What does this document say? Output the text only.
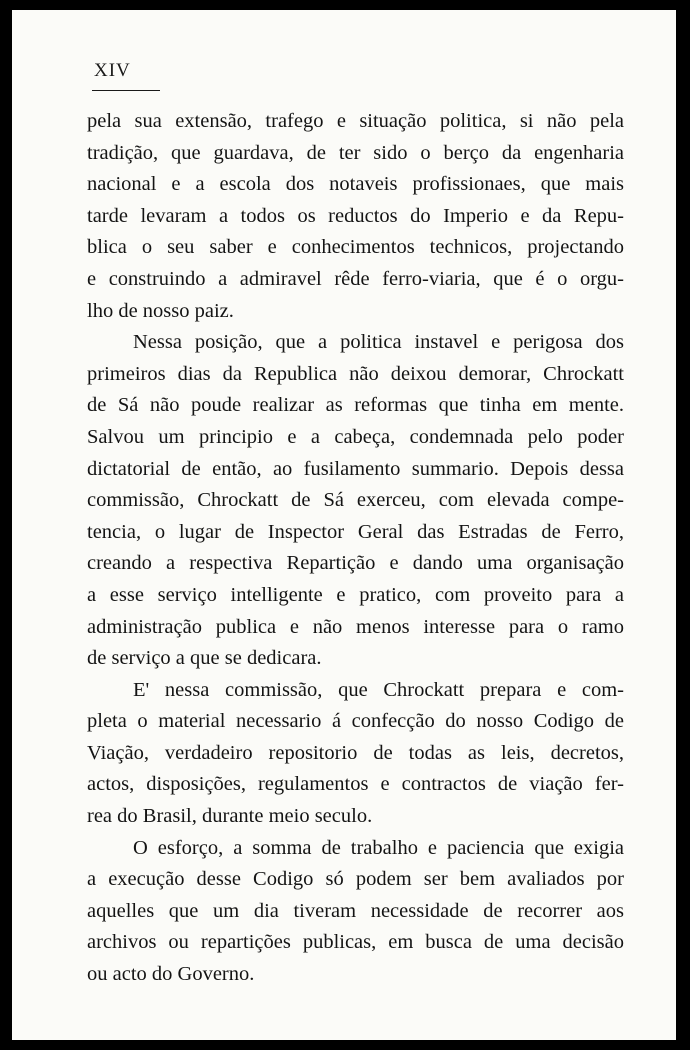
XIV

pela sua extensão, trafego e situação politica, si não pela
tradição, que guardava, de ter sido o berço da engenharia
nacional e a escola dos notaveis profissionaes, que mais
tarde levaram a todos os reductos do Imperio e da Repu-
blica o seu saber e conhecimentos technicos, projectando
e construindo a admiravel rêde ferro-viaria, que é o orgu-
lho de nosso paiz.

Nessa posição, que a politica instavel e perigosa dos
primeiros dias da Republica não deixou demorar, Chrockatt
de Sá não poude realizar as reformas que tinha em mente.
Salvou um principio e a cabeça, condemnada pelo poder
dictatorial de então, ao fusilamento summario. Depois dessa
commissão, Chrockatt de Sá exerceu, com elevada compe-
tencia, o lugar de Inspector Geral das Estradas de Ferro,
creando a respectiva Repartição e dando uma organisação
a esse serviço intelligente e pratico, com proveito para a
administração publica e não menos interesse para o ramo
de serviço a que se dedicara.

E' nessa commissão, que Chrockatt prepara e com-
pleta o material necessario á confecção do nosso Codigo de
Viação, verdadeiro repositorio de todas as leis, decretos,
actos, disposições, regulamentos e contractos de viação fer-
rea do Brasil, durante meio seculo.

O esforço, a somma de trabalho e paciencia que exigia
a execução desse Codigo só podem ser bem avaliados por
aquelles que um dia tiveram necessidade de recorrer aos
archivos ou repartições publicas, em busca de uma decisão
ou acto do Governo.
